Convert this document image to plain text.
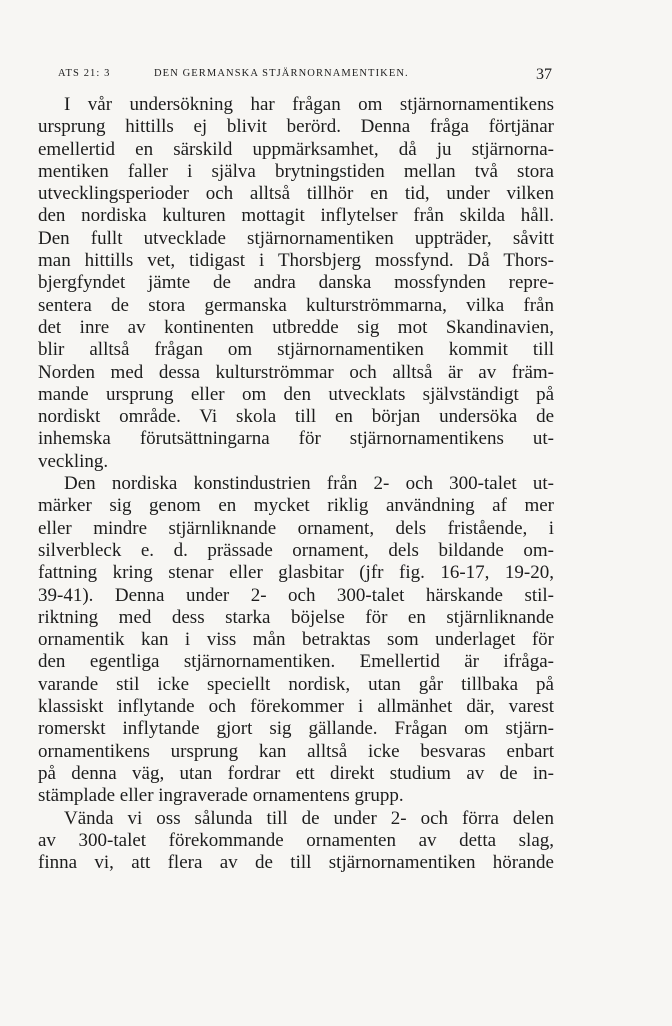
ATS 21: 3	DEN GERMANSKA STJÄRNORNAMENTIKEN.	37
I vår undersökning har frågan om stjärnornamentikens
ursprung hittills ej blivit berörd. Denna fråga förtjänar
emellertid en särskild uppmärksamhet, då ju stjärnorna-
mentiken faller i själva brytningstiden mellan två stora
utvecklingsperioder och alltså tillhör en tid, under vilken
den nordiska kulturen mottagit inflytelser från skilda håll.
Den fullt utvecklade stjärnornamentiken uppträder, såvitt
man hittills vet, tidigast i Thorsbjerg mossfynd. Då Thors-
bjergfyndet jämte de andra danska mossfynden repre-
sentera de stora germanska kulturströmmarna, vilka från
det inre av kontinenten utbredde sig mot Skandinavien,
blir alltså frågan om stjärnornamentiken kommit till
Norden med dessa kulturströmmar och alltså är av främ-
mande ursprung eller om den utvecklats självständigt på
nordiskt område. Vi skola till en början undersöka de
inhemska förutsättningarna för stjärnornamentikens ut-
veckling.
Den nordiska konstindustrien från 2- och 300-talet ut-
märker sig genom en mycket riklig användning af mer
eller mindre stjärnliknande ornament, dels fristående, i
silverbleck e. d. prässade ornament, dels bildande om-
fattning kring stenar eller glasbitar (jfr fig. 16-17, 19-20,
39-41). Denna under 2- och 300-talet härskande stil-
riktning med dess starka böjelse för en stjärnliknande
ornamentik kan i viss mån betraktas som underlaget för
den egentliga stjärnornamentiken. Emellertid är ifråga-
varande stil icke speciellt nordisk, utan går tillbaka på
klassiskt inflytande och förekommer i allmänhet där, varest
romerskt inflytande gjort sig gällande. Frågan om stjärn-
ornamentikens ursprung kan alltså icke besvaras enbart
på denna väg, utan fordrar ett direkt studium av de in-
stämplade eller ingraverade ornamentens grupp.
Vända vi oss sålunda till de under 2- och förra delen
av 300-talet förekommande ornamenten av detta slag,
finna vi, att flera av de till stjärnornamentiken hörande
